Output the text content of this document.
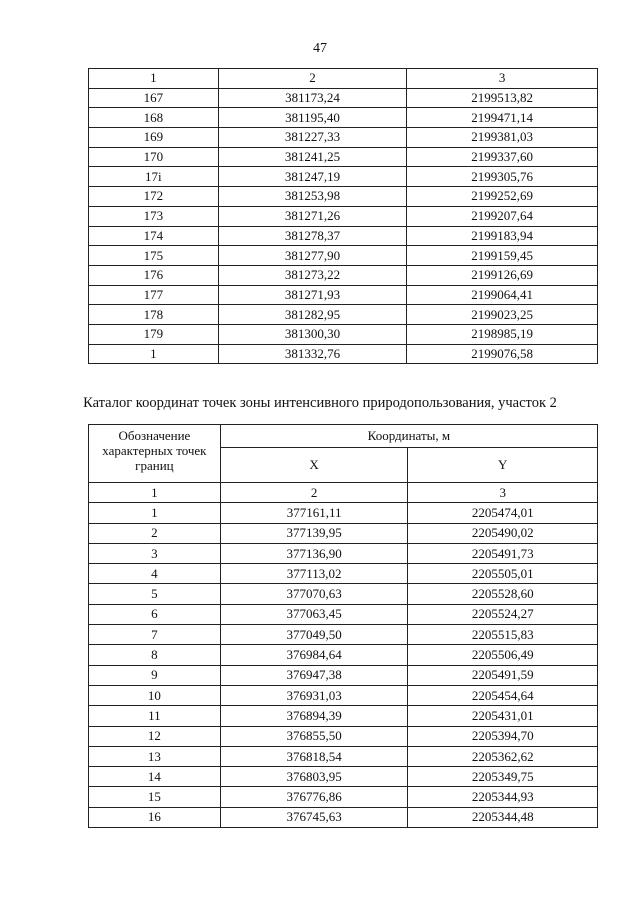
47
1	2	3
167	381173,24	2199513,82
168	381195,40	2199471,14
169	381227,33	2199381,03
170	381241,25	2199337,60
17i	381247,19	2199305,76
172	381253,98	2199252,69
173	381271,26	2199207,64
174	381278,37	2199183,94
175	381277,90	2199159,45
176	381273,22	2199126,69
177	381271,93	2199064,41
178	381282,95	2199023,25
179	381300,30	2198985,19
1	381332,76	2199076,58
Каталог координат точек зоны интенсивного природопользования, участок 2
Обозначение характерных точек границ	Координаты, м	
	X	Y
1	2	3
1	377161,11	2205474,01
2	377139,95	2205490,02
3	377136,90	2205491,73
4	377113,02	2205505,01
5	377070,63	2205528,60
6	377063,45	2205524,27
7	377049,50	2205515,83
8	376984,64	2205506,49
9	376947,38	2205491,59
10	376931,03	2205454,64
11	376894,39	2205431,01
12	376855,50	2205394,70
13	376818,54	2205362,62
14	376803,95	2205349,75
15	376776,86	2205344,93
16	376745,63	2205344,48
